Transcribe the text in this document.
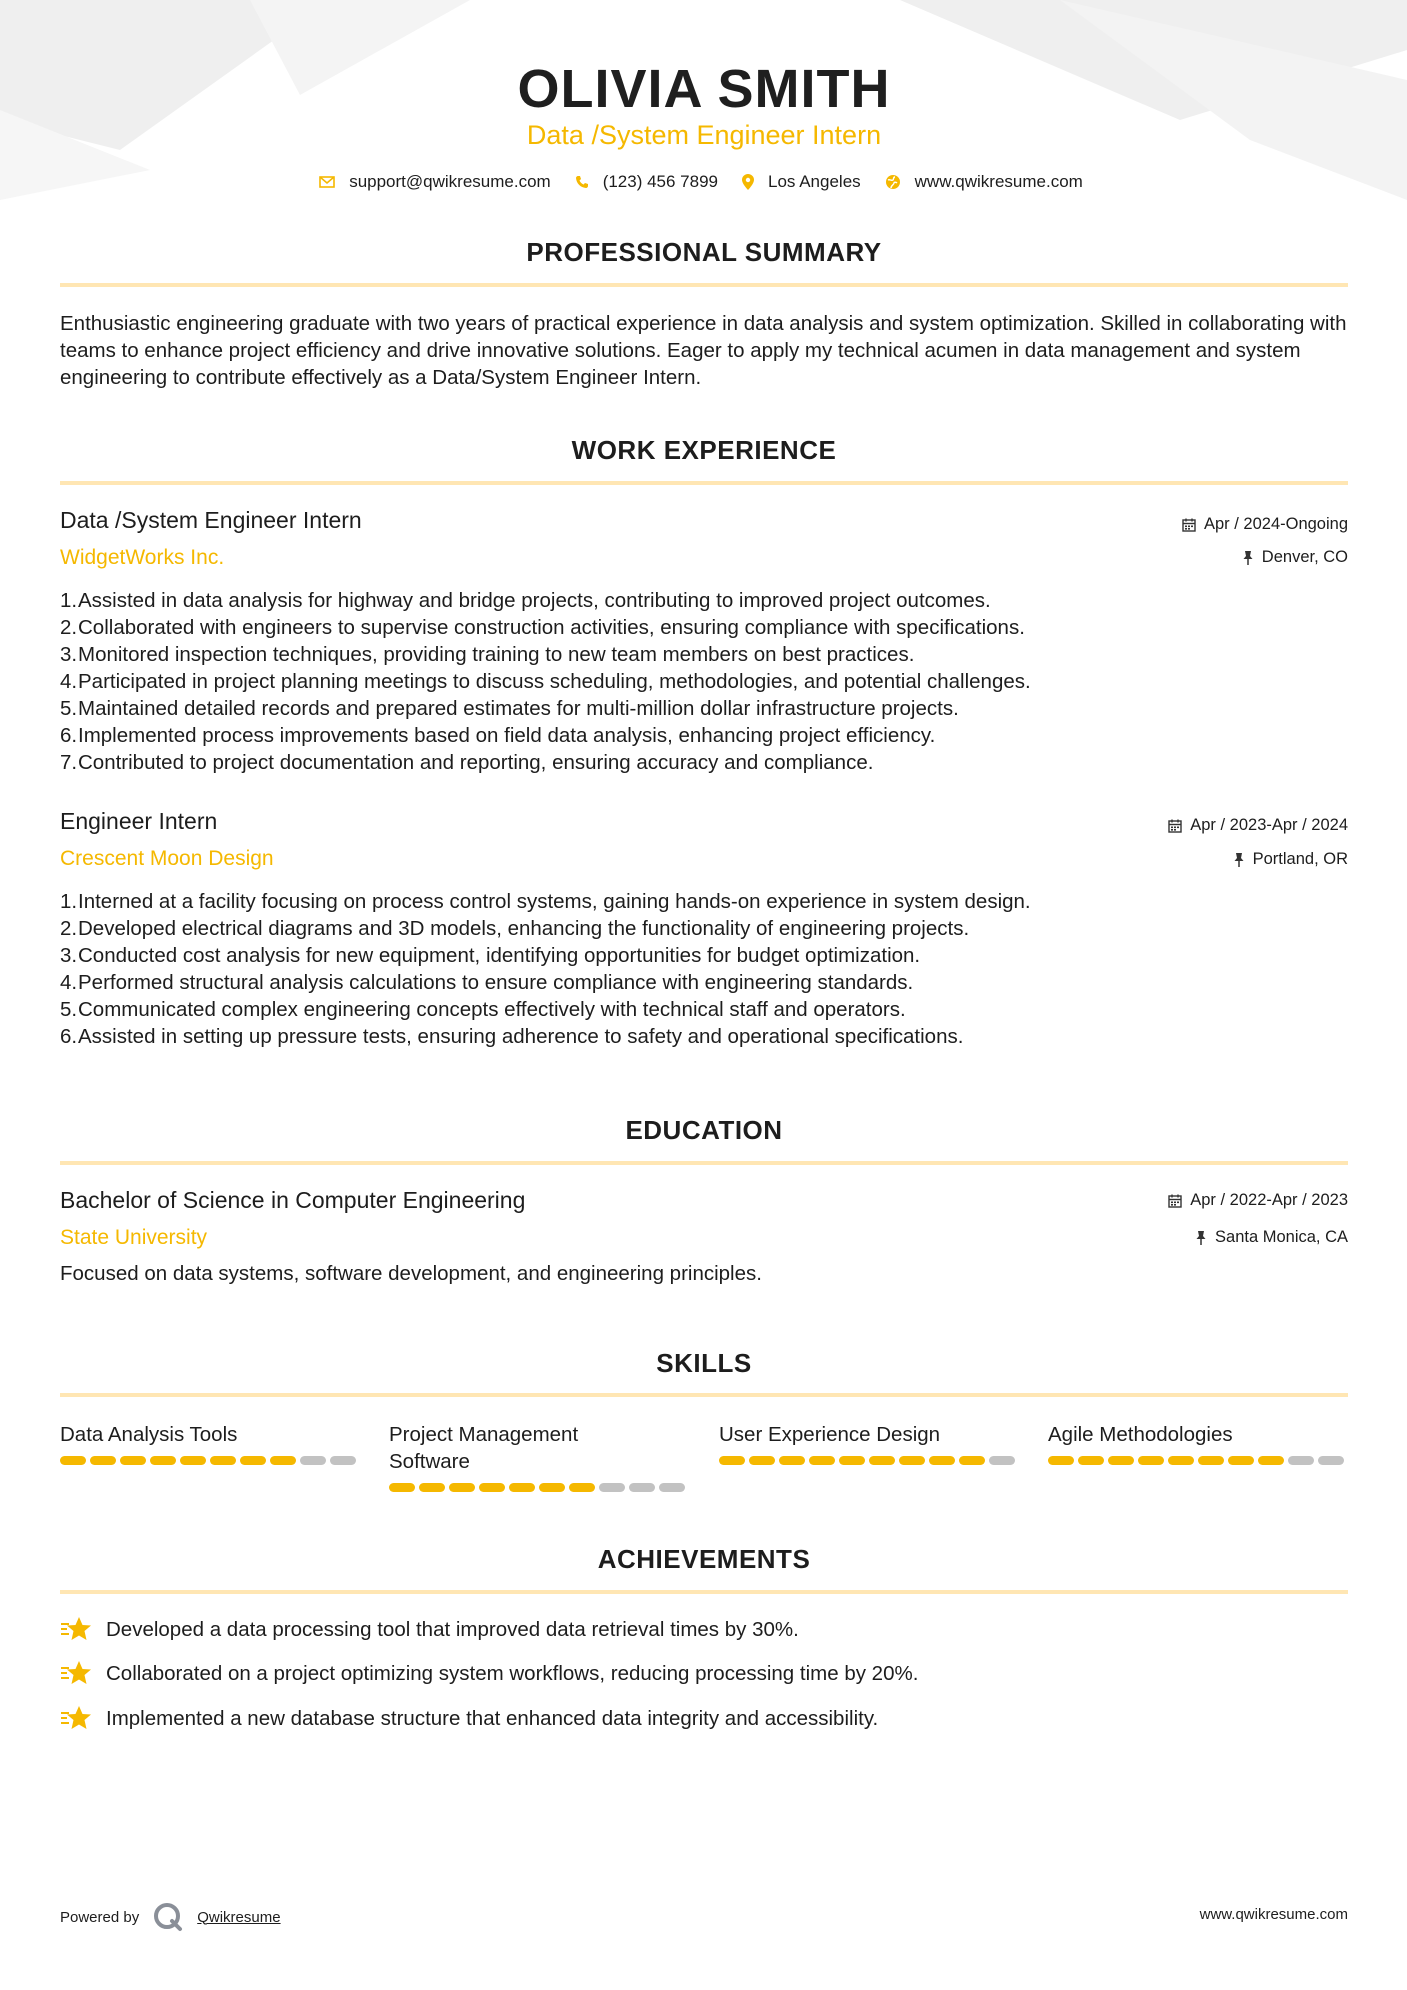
OLIVIA SMITH
Data /System Engineer Intern
support@qwikresume.com	(123) 456 7899	Los Angeles	www.qwikresume.com
PROFESSIONAL SUMMARY

Enthusiastic engineering graduate with two years of practical experience in data analysis and system optimization. Skilled in collaborating with teams to enhance project efficiency and drive innovative solutions. Eager to apply my technical acumen in data management and system engineering to contribute effectively as a Data/System Engineer Intern.

WORK EXPERIENCE
Data /System Engineer Intern	Apr / 2024-Ongoing
WidgetWorks Inc.	Denver, CO
1. Assisted in data analysis for highway and bridge projects, contributing to improved project outcomes.
2. Collaborated with engineers to supervise construction activities, ensuring compliance with specifications.
3. Monitored inspection techniques, providing training to new team members on best practices.
4. Participated in project planning meetings to discuss scheduling, methodologies, and potential challenges.
5. Maintained detailed records and prepared estimates for multi-million dollar infrastructure projects.
6. Implemented process improvements based on field data analysis, enhancing project efficiency.
7. Contributed to project documentation and reporting, ensuring accuracy and compliance.
Engineer Intern	Apr / 2023-Apr / 2024
Crescent Moon Design	Portland, OR
1. Interned at a facility focusing on process control systems, gaining hands-on experience in system design.
2. Developed electrical diagrams and 3D models, enhancing the functionality of engineering projects.
3. Conducted cost analysis for new equipment, identifying opportunities for budget optimization.
4. Performed structural analysis calculations to ensure compliance with engineering standards.
5. Communicated complex engineering concepts effectively with technical staff and operators.
6. Assisted in setting up pressure tests, ensuring adherence to safety and operational specifications.
EDUCATION
Bachelor of Science in Computer Engineering	Apr / 2022-Apr / 2023
State University	Santa Monica, CA
Focused on data systems, software development, and engineering principles.
SKILLS
Data Analysis Tools	Project Management Software
User Experience Design	Agile Methodologies
ACHIEVEMENTS
Developed a data processing tool that improved data retrieval times by 30%.
Collaborated on a project optimizing system workflows, reducing processing time by 20%.
Implemented a new database structure that enhanced data integrity and accessibility.
Powered by	Qwikresume	www.qwikresume.com
